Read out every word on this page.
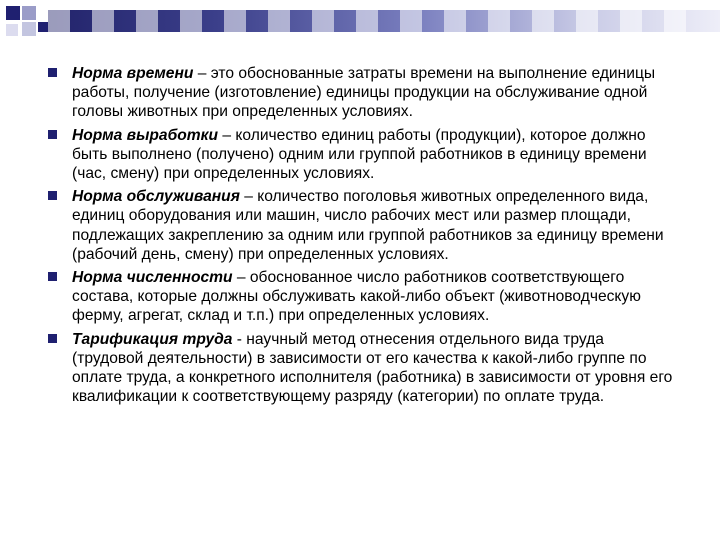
Норма времени – это обоснованные затраты времени на выполнение единицы работы, получение (изготовление) единицы продукции на обслуживание одной головы животных при определенных условиях.
Норма выработки – количество единиц работы (продукции), которое должно быть выполнено (получено) одним или группой работников в единицу времени (час, смену) при определенных условиях.
Норма обслуживания – количество поголовья животных определенного вида, единиц оборудования или машин, число рабочих мест или размер площади, подлежащих закреплению за одним или группой работников за единицу времени (рабочий день, смену) при определенных условиях.
Норма численности – обоснованное число работников соответствующего состава, которые должны обслуживать какой-либо объект (животноводческую ферму, агрегат, склад и т.п.) при определенных условиях.
Тарификация труда - научный метод отнесения отдельного вида труда (трудовой деятельности) в зависимости от его качества к какой-либо группе по оплате труда, а конкретного исполнителя (работника) в зависимости от уровня его квалификации к соответствующему разряду (категории) по оплате труда.
